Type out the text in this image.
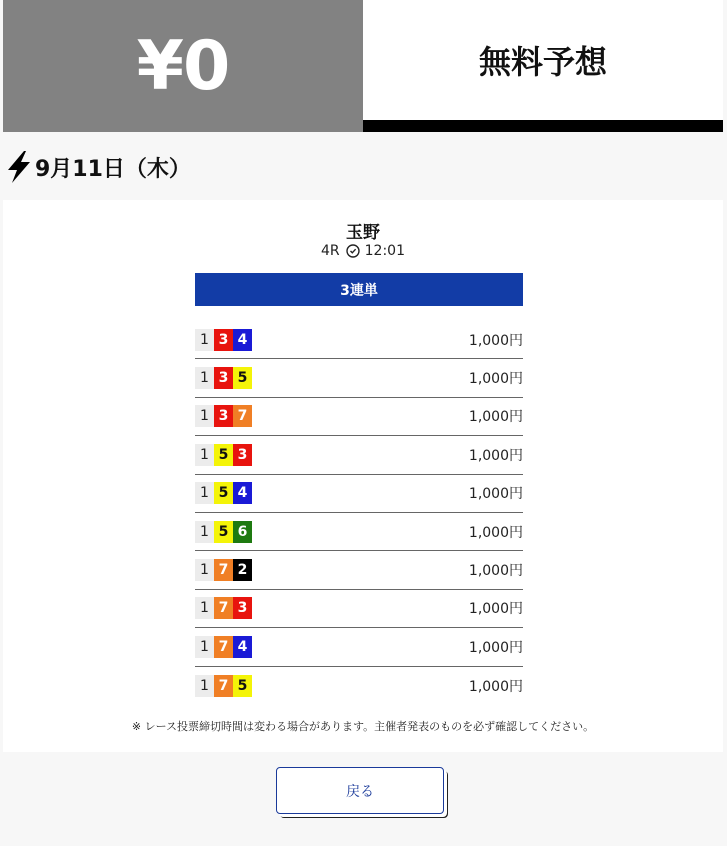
¥0	無料予想
9月11日（木）
玉野
4R 12:01
3連単
1 3 4	1,000円
1 3 5	1,000円
1 3 7	1,000円
1 5 3	1,000円
1 5 4	1,000円
1 5 6	1,000円
1 7 2	1,000円
1 7 3	1,000円
1 7 4	1,000円
1 7 5	1,000円
※ レース投票締切時間は変わる場合があります。主催者発表のものを必ず確認してください。
戻る
